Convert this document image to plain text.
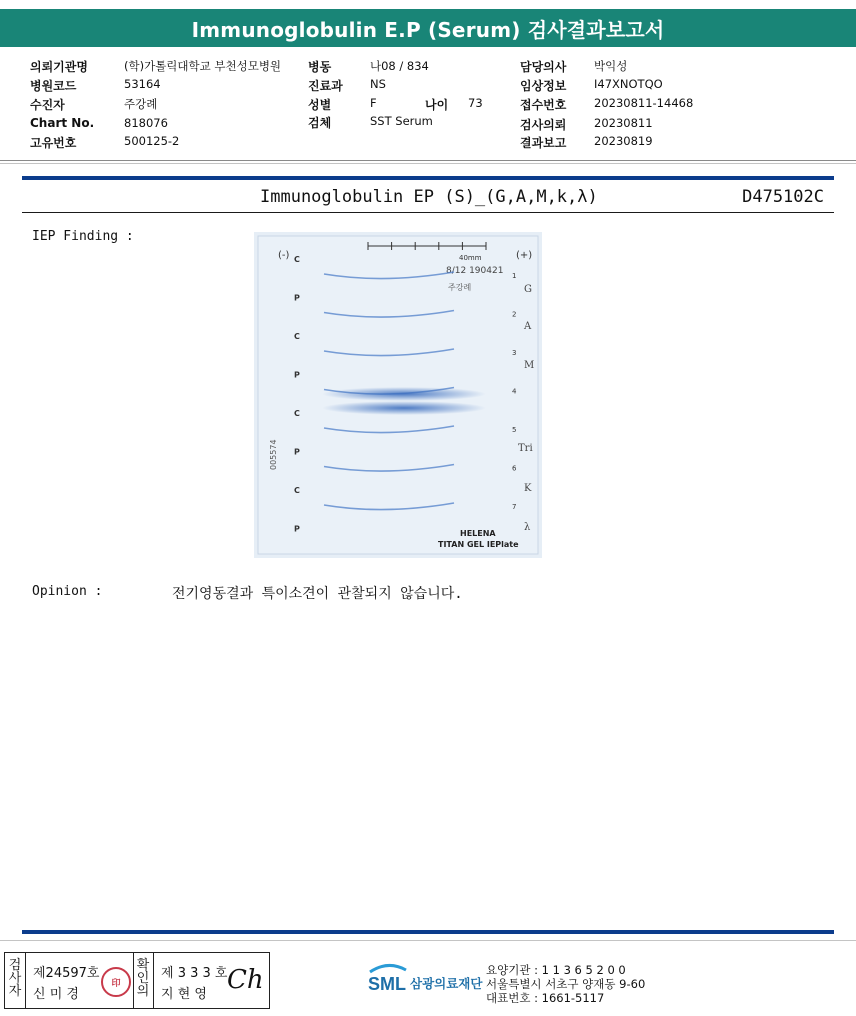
Immunoglobulin E.P (Serum) 검사결과보고서
의뢰기관명	(학)가톨릭대학교 부천성모병원
병원코드	53164
수진자	주강례
Chart No.	818076
고유번호	500125-2
병동	나08 / 834
진료과 NS
성별	F	나이 73
검체	SST Serum
담당의사 박익성
임상정보 I47XNOTQO
접수번호 20230811-14468
검사의뢰 20230811
결과보고 20230819
Immunoglobulin EP (S)_(G,A,M,k,λ)	D475102C
IEP Finding :
(-)	(+)
40mm
8/12 190421
주강례
005574
C
P
C
P
C
P
C
P
1
2
3
4
5
6
7
G
A
M
Tri
K
λ
HELENA
TITAN GEL IEPlate
Opinion :	전기영동결과 특이소견이 관찰되지 않습니다.
검
사
자
제24597호
신 미 경
印
확
인
의
제 3 3 3 호
지 현 영 Ch	SML 삼광의료재단
요양기관 : 1 1 3 6 5 2 0 0
서울특별시 서초구 양재동 9-60
대표번호 : 1661-5117
